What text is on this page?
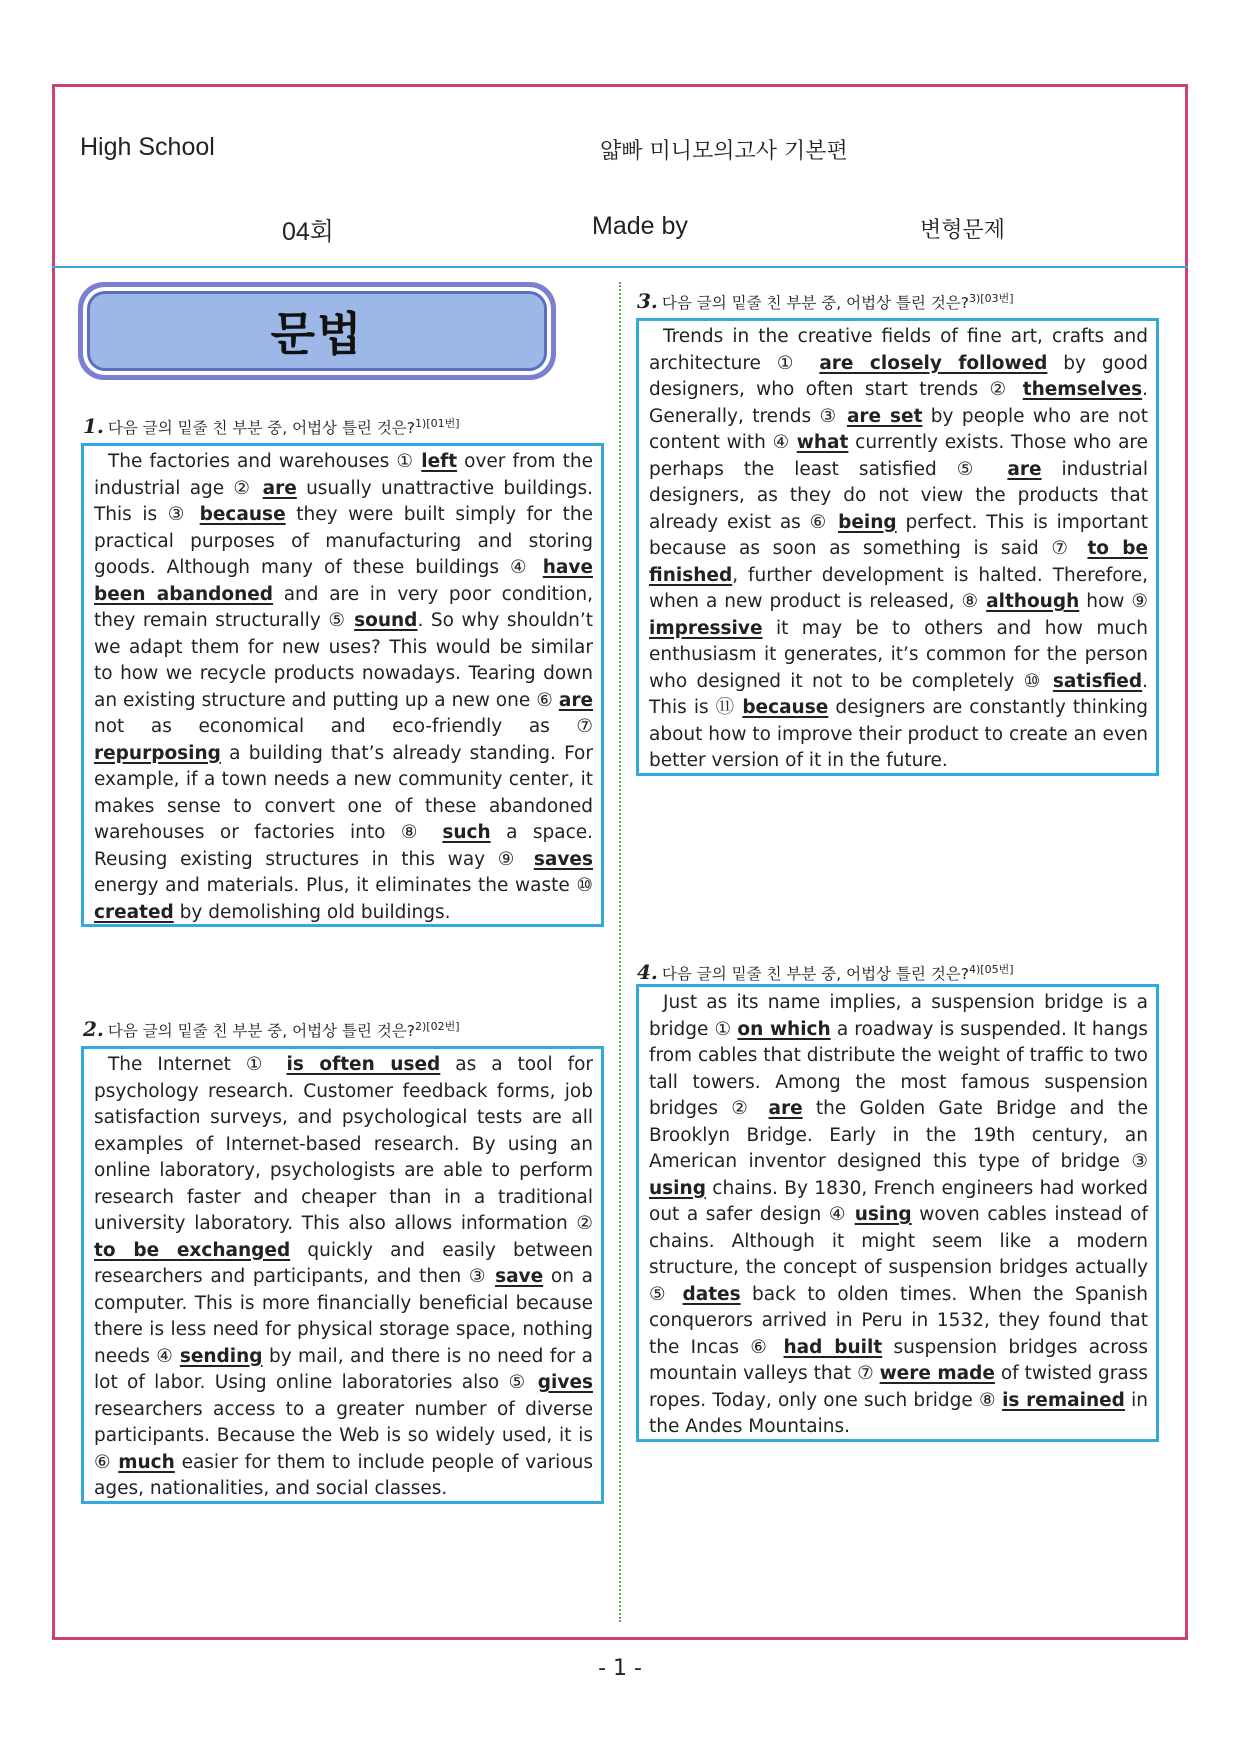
High School	얇빠 미니모의고사 기본편
04회	Made by	변형문제
문법
1. 다음 글의 밑줄 친 부분 중, 어법상 틀린 것은?$^{1)[01번]}$

The factories and warehouses ① left over from the industrial age ② are usually unattractive buildings. This is ③ because they were built simply for the practical purposes of manufacturing and storing goods. Although many of these buildings ④ have been abandoned and are in very poor condition, they remain structurally ⑤ sound. So why shouldn’t we adapt them for new uses? This would be similar to how we recycle products nowadays. Tearing down an existing structure and putting up a new one ⑥ are not as economical and eco-friendly as ⑦ repurposing a building that’s already standing. For example, if a town needs a new community center, it makes sense to convert one of these abandoned warehouses or factories into ⑧ such a space. Reusing existing structures in this way ⑨ saves energy and materials. Plus, it eliminates the waste ⑩ created by demolishing old buildings.

2. 다음 글의 밑줄 친 부분 중, 어법상 틀린 것은?$^{2)[02번]}$

The Internet ① is often used as a tool for psychology research. Customer feedback forms, job satisfaction surveys, and psychological tests are all examples of Internet-based research. By using an online laboratory, psychologists are able to perform research faster and cheaper than in a traditional university laboratory. This also allows information ② to be exchanged quickly and easily between researchers and participants, and then ③ save on a computer. This is more financially beneficial because there is less need for physical storage space, nothing needs ④ sending by mail, and there is no need for a lot of labor. Using online laboratories also ⑤ gives researchers access to a greater number of diverse participants. Because the Web is so widely used, it is ⑥ much easier for them to include people of various ages, nationalities, and social classes.

3. 다음 글의 밑줄 친 부분 중, 어법상 틀린 것은?$^{3)[03번]}$

Trends in the creative fields of fine art, crafts and architecture ① are closely followed by good designers, who often start trends ② themselves. Generally, trends ③ are set by people who are not content with ④ what currently exists. Those who are perhaps the least satisfied ⑤ are industrial designers, as they do not view the products that already exist as ⑥ being perfect. This is important because as soon as something is said ⑦ to be finished, further development is halted. Therefore, when a new product is released, ⑧ although how ⑨ impressive it may be to others and how much enthusiasm it generates, it’s common for the person who designed it not to be completely ⑩ satisfied. This is ⑪ because designers are constantly thinking about how to improve their product to create an even better version of it in the future.

4. 다음 글의 밑줄 친 부분 중, 어법상 틀린 것은?$^{4)[05번]}$

Just as its name implies, a suspension bridge is a bridge ① on which a roadway is suspended. It hangs from cables that distribute the weight of traffic to two tall towers. Among the most famous suspension bridges ② are the Golden Gate Bridge and the Brooklyn Bridge. Early in the 19th century, an American inventor designed this type of bridge ③ using chains. By 1830, French engineers had worked out a safer design ④ using woven cables instead of chains. Although it might seem like a modern structure, the concept of suspension bridges actually ⑤ dates back to olden times. When the Spanish conquerors arrived in Peru in 1532, they found that the Incas ⑥ had built suspension bridges across mountain valleys that ⑦ were made of twisted grass ropes. Today, only one such bridge ⑧ is remained in the Andes Mountains.

- 1 -
